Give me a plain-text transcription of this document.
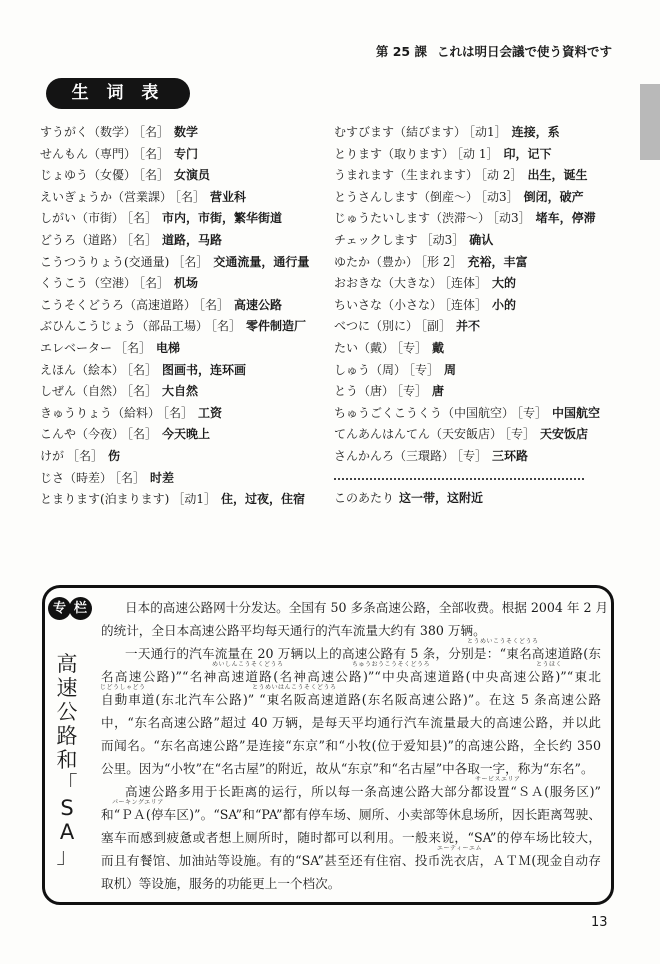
第 25 課 これは明日会議で使う資料です
生 词 表
すうがく（数学） ［名］ 数学
せんもん（専門） ［名］ 专门
じょゆう（女優） ［名］ 女演员
えいぎょうか（営業課） ［名］ 营业科
しがい（市街） ［名］ 市内，市街，繁华街道
どうろ（道路） ［名］ 道路，马路
こうつうりょう(交通量) ［名］ 交通流量，通行量
くうこう（空港） ［名］ 机场
こうそくどうろ（高速道路） ［名］ 高速公路
ぶひんこうじょう（部品工場） ［名］ 零件制造厂
エレベーター ［名］ 电梯
えほん（絵本） ［名］ 图画书，连环画
しぜん（自然） ［名］ 大自然
きゅうりょう（給料） ［名］ 工资
こんや（今夜） ［名］ 今天晚上
けが ［名］ 伤
じさ（時差） ［名］ 时差
とまります(泊まります) ［动1］ 住，过夜，住宿
むすびます（結びます） ［动1］ 连接，系
とります（取ります） ［动 1］ 印，记下
うまれます（生まれます） ［动 2］ 出生，诞生
とうさんします（倒産～） ［动3］ 倒闭，破产
じゅうたいします（渋滞～） ［动3］ 堵车，停滞
チェックします ［动3］ 确认
ゆたか（豊か） ［形 2］ 充裕，丰富
おおきな（大きな） ［连体］ 大的
ちいさな（小さな） ［连体］ 小的
べつに（別に） ［副］ 并不
たい（戴） ［专］ 戴
しゅう（周） ［专］ 周
とう（唐） ［专］ 唐
ちゅうごくこうくう（中国航空） ［专］ 中国航空
てんあんはんてん（天安飯店） ［专］ 天安饭店
さんかんろ（三環路） ［专］ 三环路
このあたり 这一带，这附近
专 栏
高
速
公
路
和
「
S
A
」
日本的高速公路网十分发达。全国有 50 多条高速公路，全部收费。根据 2004 年 2 月
的统计，全日本高速公路平均每天通行的汽车流量大约有 380 万辆。
一天通行的汽车流量在 20 万辆以上的高速公路有 5 条，分别是：“東名高速道路(东
名高速公路)”“名神高速道路(名神高速公路)”“中央高速道路(中央高速公路)”“東北
自動車道(东北汽车公路)” “東名阪高速道路(东名阪高速公路)”。在这 5 条高速公路
中，“东名高速公路”超过 40 万辆，是每天平均通行汽车流量最大的高速公路，并以此
而闻名。“东名高速公路”是连接“东京”和“小牧(位于爱知县)”的高速公路，全长约 350
公里。因为“小牧”在“名古屋”的附近，故从“东京”和“名古屋”中各取一字，称为“东名”。
高速公路多用于长距离的运行，所以每一条高速公路大部分都设置“ＳＡ(服务区)”
和“ＰＡ(停车区)”。“SA”和“PA”都有停车场、厕所、小卖部等休息场所，因长距离驾驶、
塞车而感到疲惫或者想上厕所时，随时都可以利用。一般来说，“SA”的停车场比较大，
而且有餐馆、加油站等设施。有的“SA”甚至还有住宿、投币洗衣店，ＡＴＭ(现金自动存
取机）等设施，服务的功能更上一个档次。
とうめいこうそくどうろ
めいしんこうそくどうろ	ちゅうおうこうそくどうろ	とうほく
じどうしゃどう	とうめいはんこうそくどうろ
サービスエリア
パーキングエリア
エーティーエム
13
